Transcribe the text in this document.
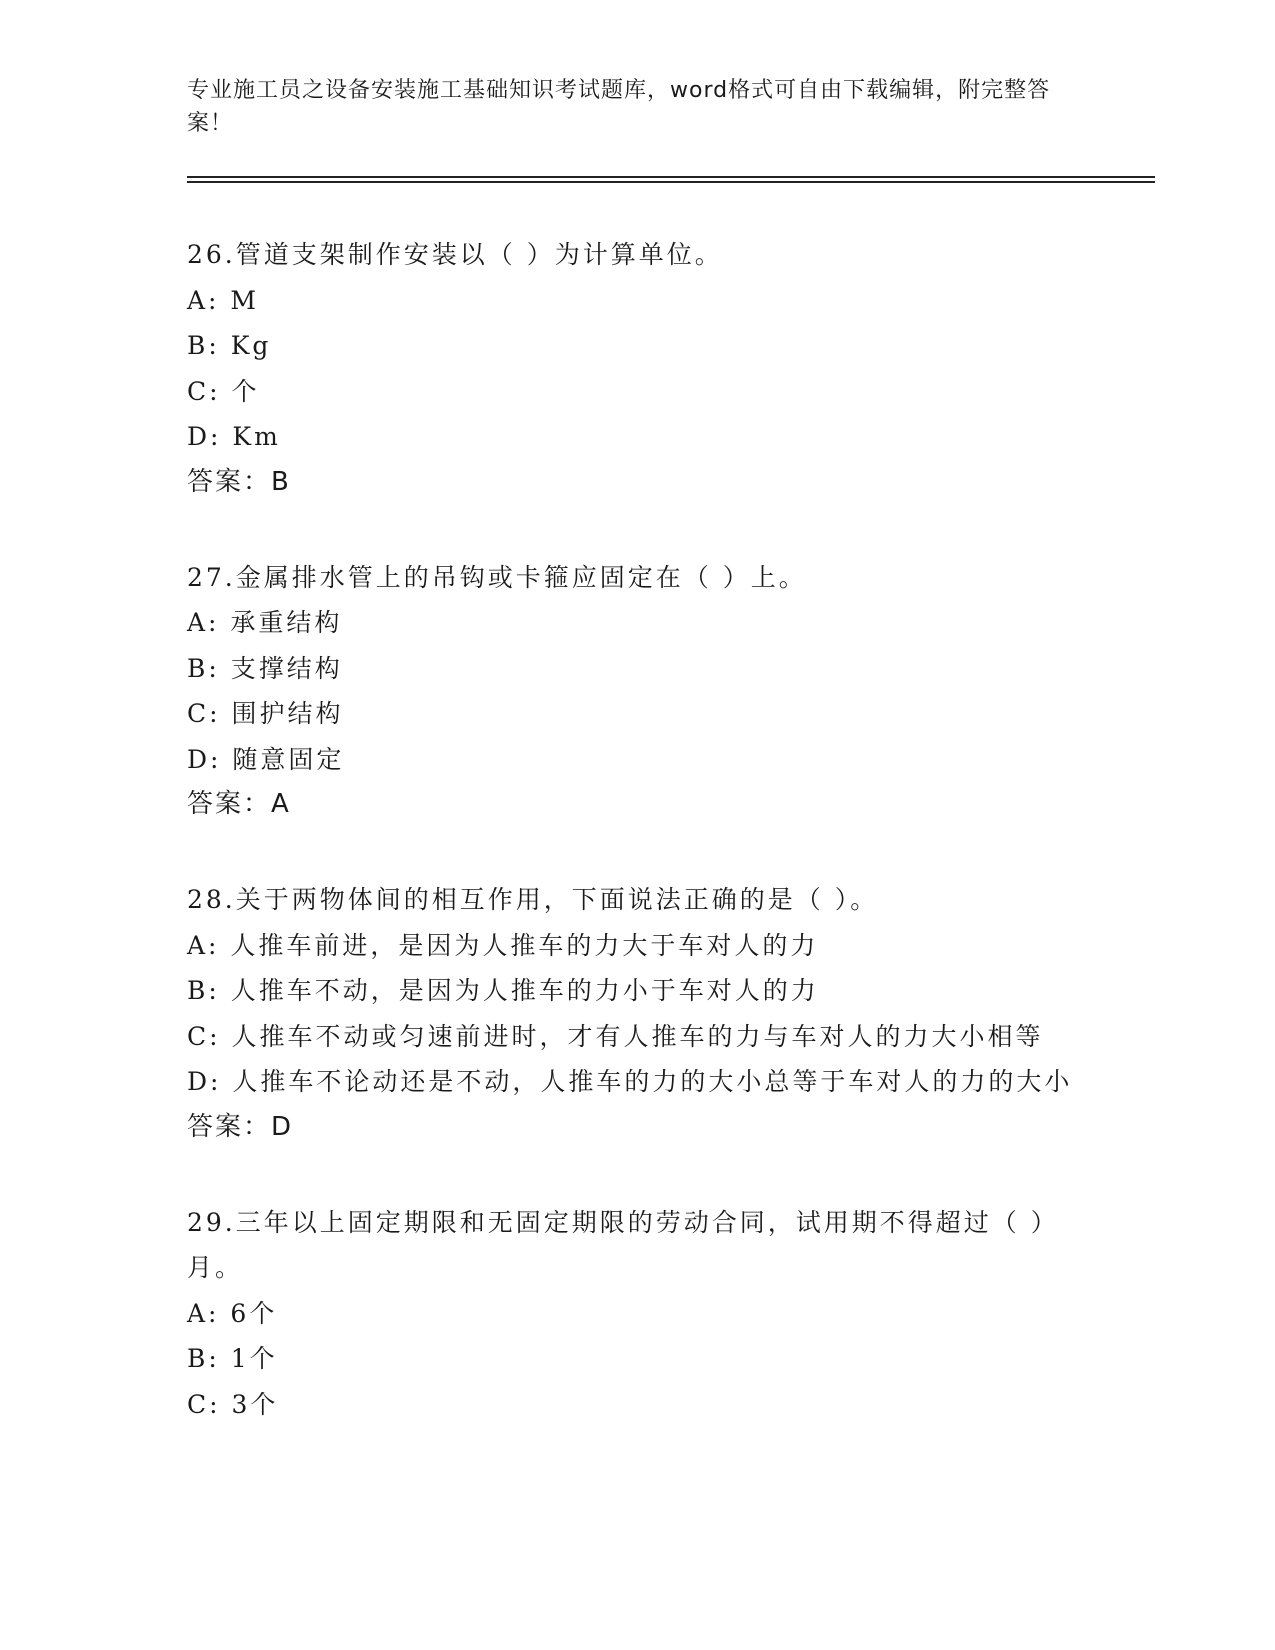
专业施工员之设备安装施工基础知识考试题库，word格式可自由下载编辑，附完整答案！
26.管道支架制作安装以（ ）为计算单位。
A: M
B: Kg
C: 个
D: Km
答案：B
27.金属排水管上的吊钩或卡箍应固定在（ ）上。
A: 承重结构
B: 支撑结构
C: 围护结构
D: 随意固定
答案：A
28.关于两物体间的相互作用，下面说法正确的是（ ）。
A: 人推车前进，是因为人推车的力大于车对人的力
B: 人推车不动，是因为人推车的力小于车对人的力
C: 人推车不动或匀速前进时，才有人推车的力与车对人的力大小相等
D: 人推车不论动还是不动，人推车的力的大小总等于车对人的力的大小
答案：D
29.三年以上固定期限和无固定期限的劳动合同，试用期不得超过（ ）月。
A: 6个
B: 1个
C: 3个
